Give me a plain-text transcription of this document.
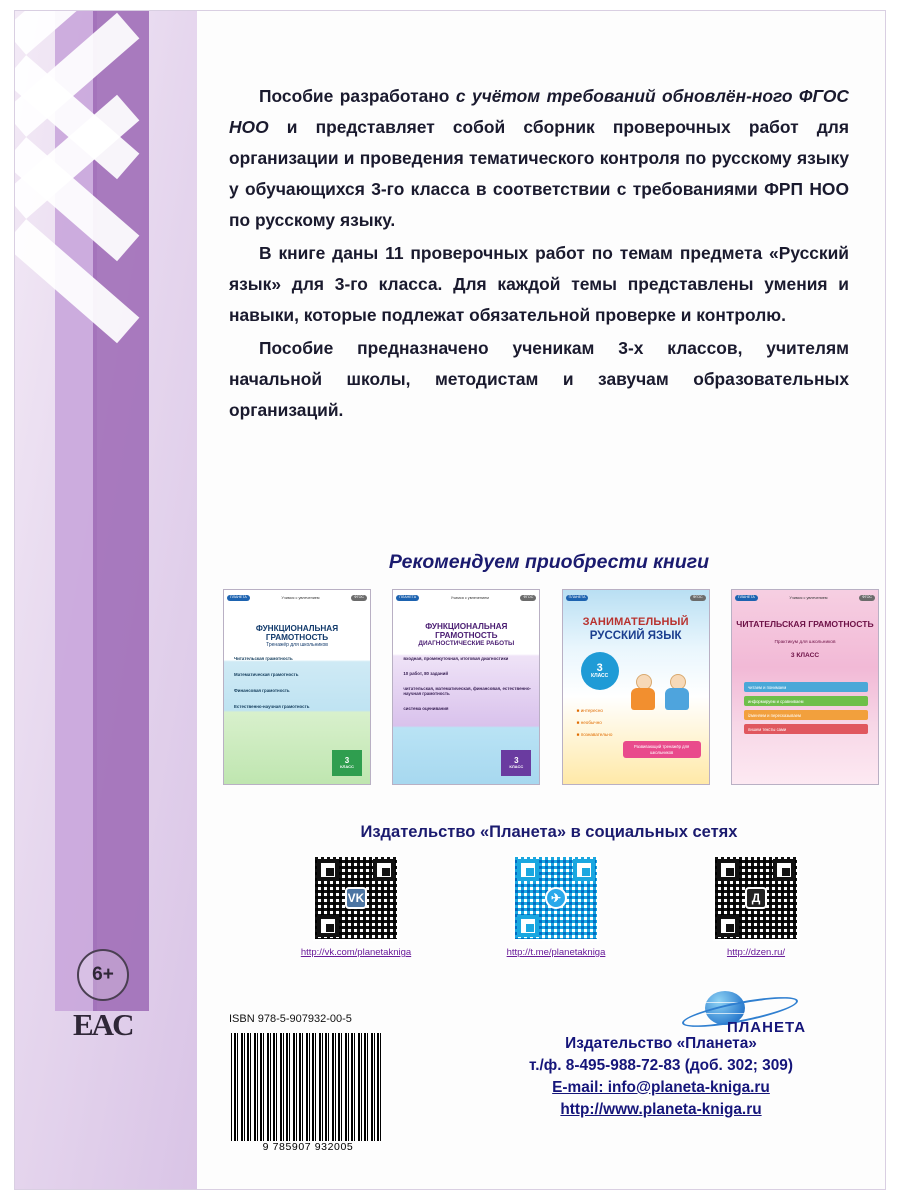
6+
EAC

Пособие разработано с учётом требований обновлён-ного ФГОС НОО и представляет собой сборник проверочных работ для организации и проведения тематического контроля по русскому языку у обучающихся 3-го класса в соответствии с требованиями ФРП НОО по русскому языку.

В книге даны 11 проверочных работ по темам предмета «Русский язык» для 3-го класса. Для каждой темы представлены умения и навыки, которые подлежат обязательной проверке и контролю.

Пособие предназначено ученикам 3-х классов, учителям начальной школы, методистам и завучам образовательных организаций.

Рекомендуем приобрести книги
ПЛАНЕТА	Учимся с увлечением	ФГОС
ФУНКЦИОНАЛЬНАЯ ГРАМОТНОСТЬ
Тренажёр для школьников
Читательская грамотность
Математическая грамотность
Финансовая грамотность
Естественно-научная грамотность
3
КЛАСС
ПЛАНЕТА	Учимся с увлечением	ФГОС
ФУНКЦИОНАЛЬНАЯ ГРАМОТНОСТЬ
ДИАГНОСТИЧЕСКИЕ РАБОТЫ
входная, промежуточная, итоговая диагностики
10 работ, 80 заданий
читательская, математическая, финансовая, естественно-научная грамотность
система оценивания
3
КЛАСС
ПЛАНЕТА	ФГОС
ЗАНИМАТЕЛЬНЫЙ
РУССКИЙ ЯЗЫК
3
КЛАСС
■ интересно
■ необычно
■ познавательно
Развивающий тренажёр для школьников
ПЛАНЕТА	Учимся с увлечением	ФГОС
ЧИТАТЕЛЬСКАЯ ГРАМОТНОСТЬ
Практикум для школьников
3 КЛАСС
читаем и понимаем
информируем и сравниваем
izменяем и пересказываем
пишем тексты сами
Издательство «Планета» в социальных сетях
VK
http://vk.com/planetakniga
✈
http://t.me/planetakniga
Д
http://dzen.ru/
ISBN 978-5-907932-00-5
9 785907 932005
ПЛАНЕТА
Издательство «Планета»
т./ф. 8-495-988-72-83 (доб. 302; 309)
E-mail: info@planeta-kniga.ru
http://www.planeta-kniga.ru
